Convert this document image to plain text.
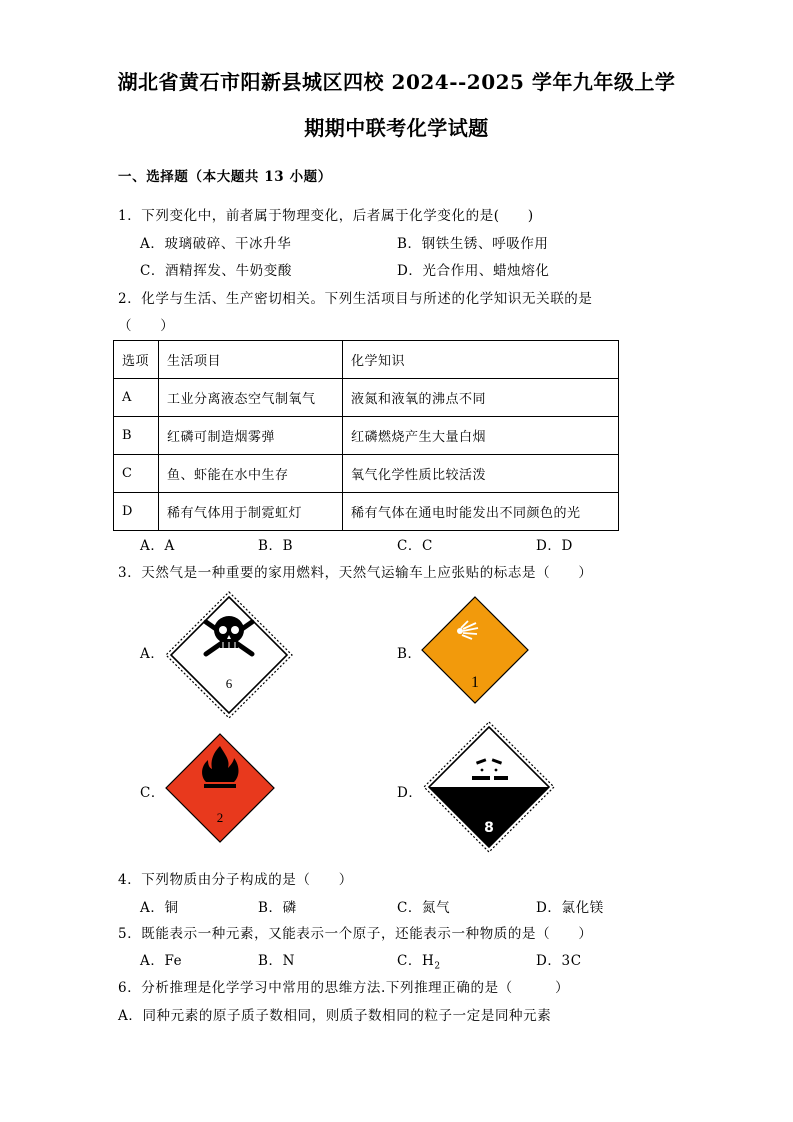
湖北省黄石市阳新县城区四校 2024--2025 学年九年级上学
期期中联考化学试题
一、选择题（本大题共 13 小题）
1．下列变化中，前者属于物理变化，后者属于化学变化的是(　　)
A．玻璃破碎、干冰升华	B．钢铁生锈、呼吸作用
C．酒精挥发、牛奶变酸	D．光合作用、蜡烛熔化
2．化学与生活、生产密切相关。下列生活项目与所述的化学知识无关联的是
（　　）
选项	生活项目	化学知识
A	工业分离液态空气制氧气	液氮和液氧的沸点不同
B	红磷可制造烟雾弹	红磷燃烧产生大量白烟
C	鱼、虾能在水中生存	氧气化学性质比较活泼
D	稀有气体用于制霓虹灯	稀有气体在通电时能发出不同颜色的光
A．A	B．B	C．C	D．D
3．天然气是一种重要的家用燃料，天然气运输车上应张贴的标志是（　　）
A．	B．
C．	D．
6	1
2
8
4．下列物质由分子构成的是（　　）
A．铜	B．磷	C．氮气	D．氯化镁
5．既能表示一种元素，又能表示一个原子，还能表示一种物质的是（　　）
A．Fe	B．N	C．$H_2$	D．3C
6．分析推理是化学学习中常用的思维方法.下列推理正确的是（　　　）
A．同种元素的原子质子数相同，则质子数相同的粒子一定是同种元素
